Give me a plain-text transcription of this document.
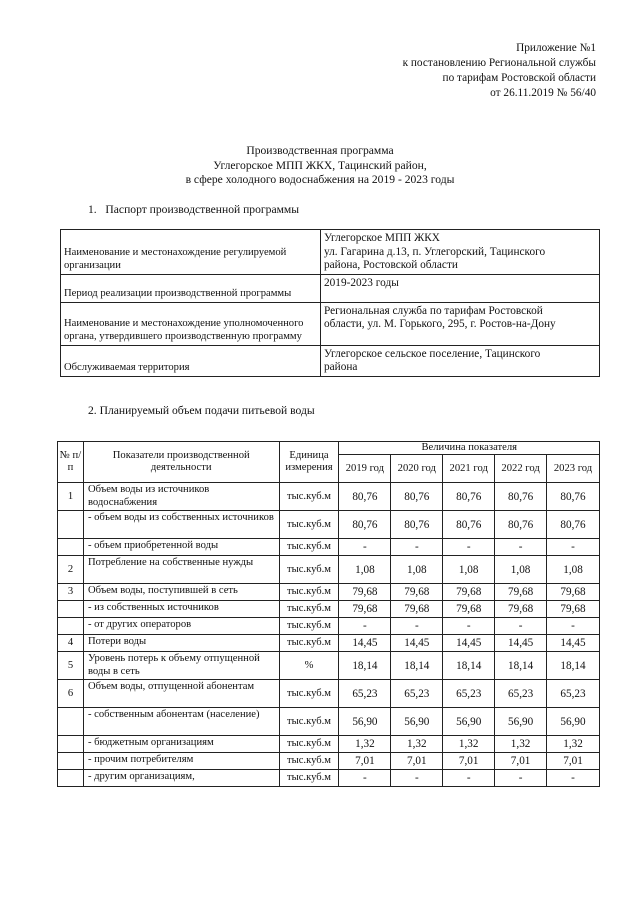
Приложение №1
к постановлению Региональной службы
по тарифам Ростовской области
от 26.11.2019 № 56/40
Производственная программа
Углегорское МПП ЖКХ, Тацинский район,
в сфере холодного водоснабжения на 2019 - 2023 годы
1. Паспорт производственной программы
Наименование и местонахождение регулируемой организации	Углегорское МПП ЖКХ
ул. Гагарина д.13, п. Углегорский, Тацинского
района, Ростовской области

Период реализации производственной программы	2019-2023 годы

Наименование и местонахождение уполномоченного органа, утвердившего производственную программу	Региональная служба по тарифам Ростовской
области, ул. М. Горького, 295, г. Ростов-на-Дону

Обслуживаемая территория	Углегорское сельское поселение, Тацинского
района
2. Планируемый объем подачи питьевой воды
№ п/п	Показатели производственной деятельности	Единица измерения	Величина показателя				
			2019 год	2020 год	2021 год	2022 год	2023 год
1	Объем воды из источников водоснабжения	тыс.куб.м	80,76	80,76	80,76	80,76	80,76
	- объем воды из собственных источников	тыс.куб.м	80,76	80,76	80,76	80,76	80,76
	- объем приобретенной воды	тыс.куб.м	-	-	-	-	-
2	Потребление на собственные нужды	тыс.куб.м	1,08	1,08	1,08	1,08	1,08
3	Объем воды, поступившей в сеть	тыс.куб.м	79,68	79,68	79,68	79,68	79,68
	- из собственных источников	тыс.куб.м	79,68	79,68	79,68	79,68	79,68
	- от других операторов	тыс.куб.м	-	-	-	-	-
4	Потери воды	тыс.куб.м	14,45	14,45	14,45	14,45	14,45
5	Уровень потерь к объему отпущенной воды в сеть	%	18,14	18,14	18,14	18,14	18,14
6	Объем воды, отпущенной абонентам	тыс.куб.м	65,23	65,23	65,23	65,23	65,23
	- собственным абонентам (население)	тыс.куб.м	56,90	56,90	56,90	56,90	56,90
	- бюджетным организациям	тыс.куб.м	1,32	1,32	1,32	1,32	1,32
	- прочим потребителям	тыс.куб.м	7,01	7,01	7,01	7,01	7,01
	- другим организациям,	тыс.куб.м	-	-	-	-	-
